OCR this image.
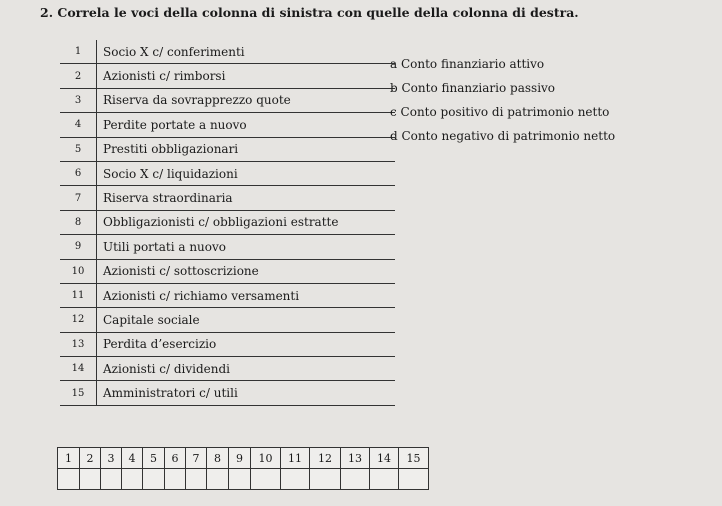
2. Correla le voci della colonna di sinistra con quelle della colonna di destra.
1	Socio X c/ conferimenti
2	Azionisti c/ rimborsi
3	Riserva da sovrapprezzo quote
4	Perdite portate a nuovo
5	Prestiti obbligazionari
6	Socio X c/ liquidazioni
7	Riserva straordinaria
8	Obbligazionisti c/ obbligazioni estratte
9	Utili portati a nuovo
10	Azionisti c/ sottoscrizione
11	Azionisti c/ richiamo versamenti
12	Capitale sociale
13	Perdita d’esercizio
14	Azionisti c/ dividendi
15	Amministratori c/ utili
a Conto finanziario attivo
b Conto finanziario passivo
c Conto positivo di patrimonio netto
d Conto negativo di patrimonio netto
1	2	3	4	5	6	7	8	9	10	11	12	13	14	15
